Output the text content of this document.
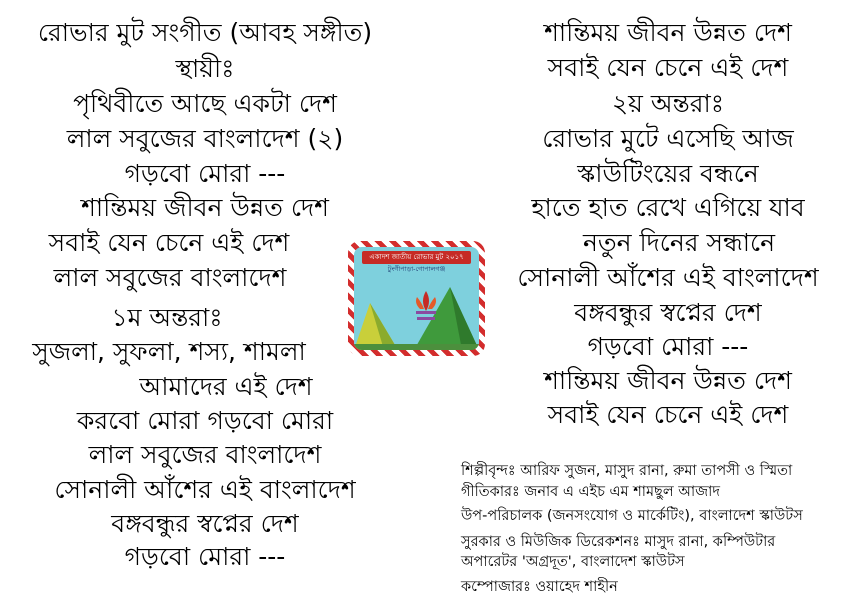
রোভার মুট সংগীত (আবহ সঙ্গীত)
স্থায়ীঃ
পৃথিবীতে আছে একটা দেশ
লাল সবুজের বাংলাদেশ (২)
গড়বো মোরা ---
শান্তিময় জীবন উন্নত দেশ
সবাই যেন চেনে এই দেশ
লাল সবুজের বাংলাদেশ
১ম অন্তরাঃ
সুজলা, সুফলা, শস্য, শামলা
আমাদের এই দেশ
করবো মোরা গড়বো মোরা
লাল সবুজের বাংলাদেশ
সোনালী আঁশের এই বাংলাদেশ
বঙ্গবন্ধুর স্বপ্নের দেশ
গড়বো মোরা ---
একাদশ জাতীয় রোভার মুট ২০১৭
টুংগীপাড়া-গোপালগঞ্জ
শান্তিময় জীবন উন্নত দেশ
সবাই যেন চেনে এই দেশ
২য় অন্তরাঃ
রোভার মুটে এসেছি আজ
স্কাউটিংয়ের বন্ধনে
হাতে হাত রেখে এগিয়ে যাব
নতুন দিনের সন্ধানে
সোনালী আঁশের এই বাংলাদেশ
বঙ্গবন্ধুর স্বপ্নের দেশ
গড়বো মোরা ---
শান্তিময় জীবন উন্নত দেশ
সবাই যেন চেনে এই দেশ
শিল্পীবৃন্দঃ আরিফ সুজন, মাসুদ রানা, রুমা তাপসী ও স্মিতা
গীতিকারঃ জনাব এ এইচ এম শামছুল আজাদ
উপ-পরিচালক (জনসংযোগ ও মার্কেটিং), বাংলাদেশ স্কাউটস
সুরকার ও মিউজিক ডিরেকশনঃ মাসুদ রানা, কম্পিউটার
অপারেটর 'অগ্রদূত', বাংলাদেশ স্কাউটস
কম্পোজারঃ ওয়াহেদ শাহীন
